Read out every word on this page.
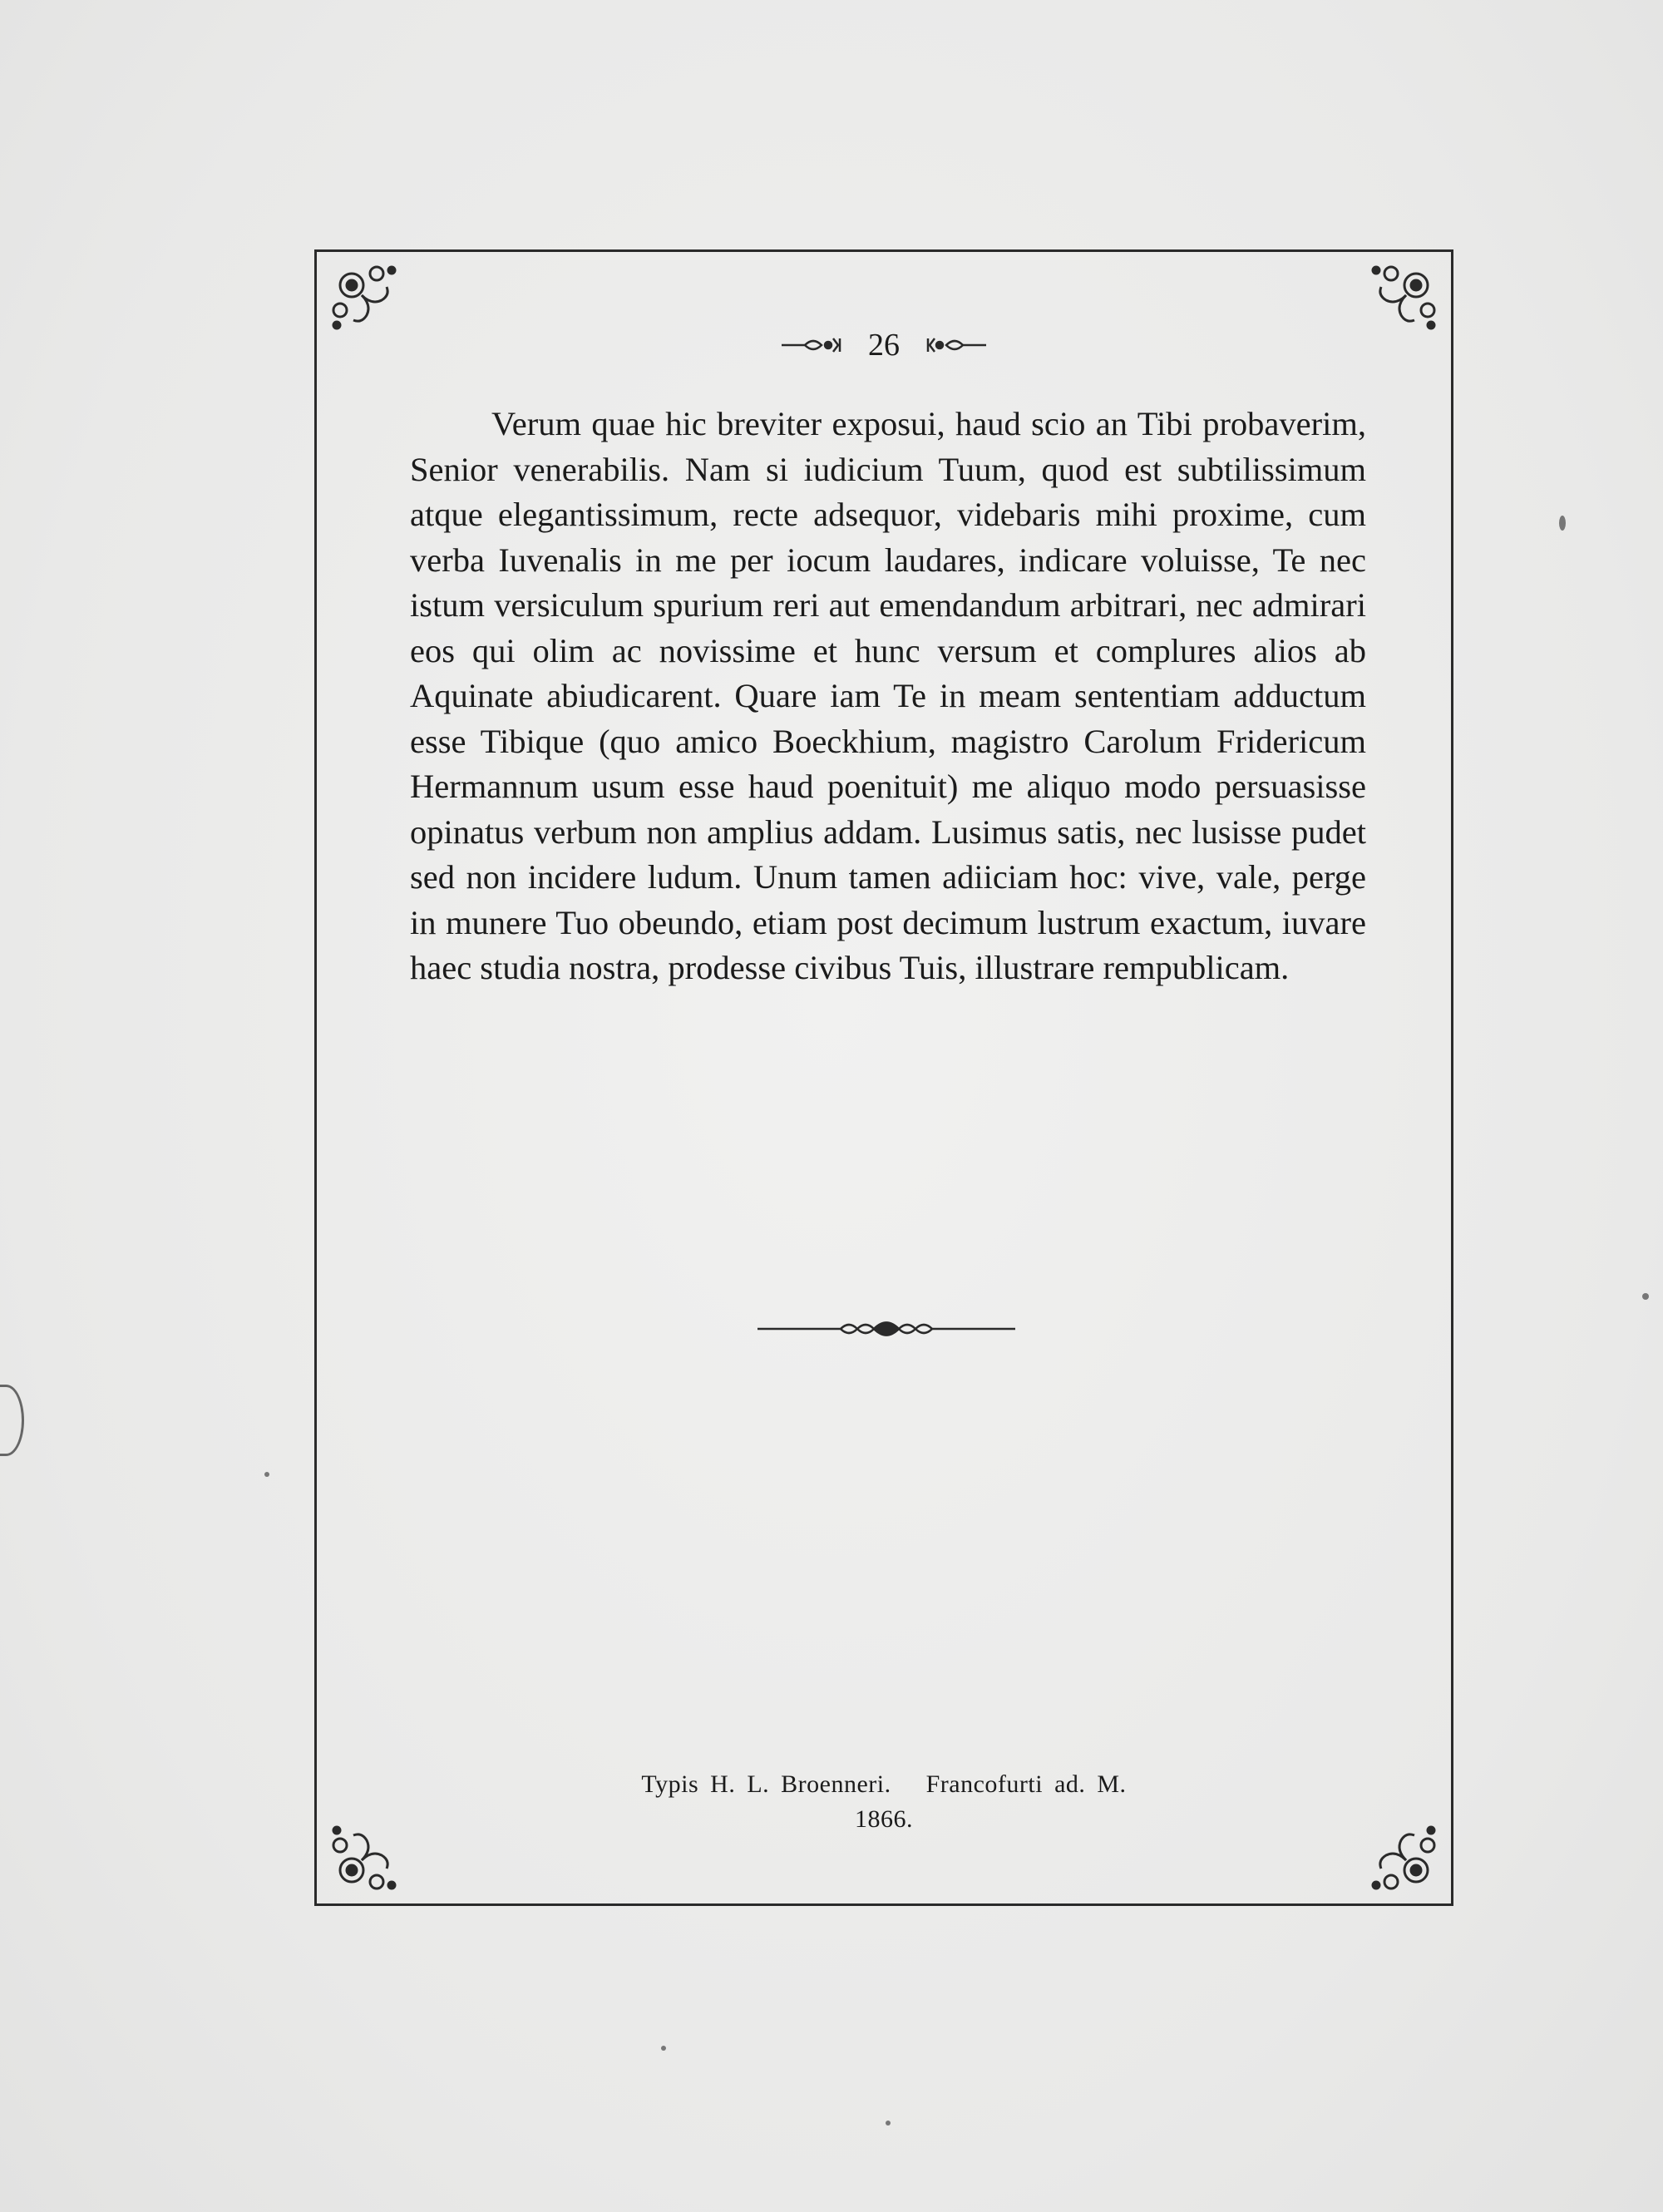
26

Verum quae hic breviter exposui, haud scio an Tibi probaverim, Senior venerabilis. Nam si iudicium Tuum, quod est subtilissimum atque elegantissimum, recte adsequor, videbaris mihi proxime, cum verba Iuvenalis in me per iocum laudares, indicare voluisse, Te nec istum versiculum spurium reri aut emendandum arbitrari, nec admirari eos qui olim ac novissime et hunc versum et complures alios ab Aquinate abiudicarent. Quare iam Te in meam sententiam adductum esse Tibique (quo amico Boeckhium, magistro Carolum Fridericum Hermannum usum esse haud poenituit) me aliquo modo persuasisse opinatus verbum non amplius addam. Lusimus satis, nec lusisse pudet sed non incidere ludum. Unum tamen adiiciam hoc: vive, vale, perge in munere Tuo obeundo, etiam post decimum lustrum exactum, iuvare haec studia nostra, prodesse civibus Tuis, illustrare rempublicam.

Typis H. L. Broenneri. Francofurti ad. M.
1866.
